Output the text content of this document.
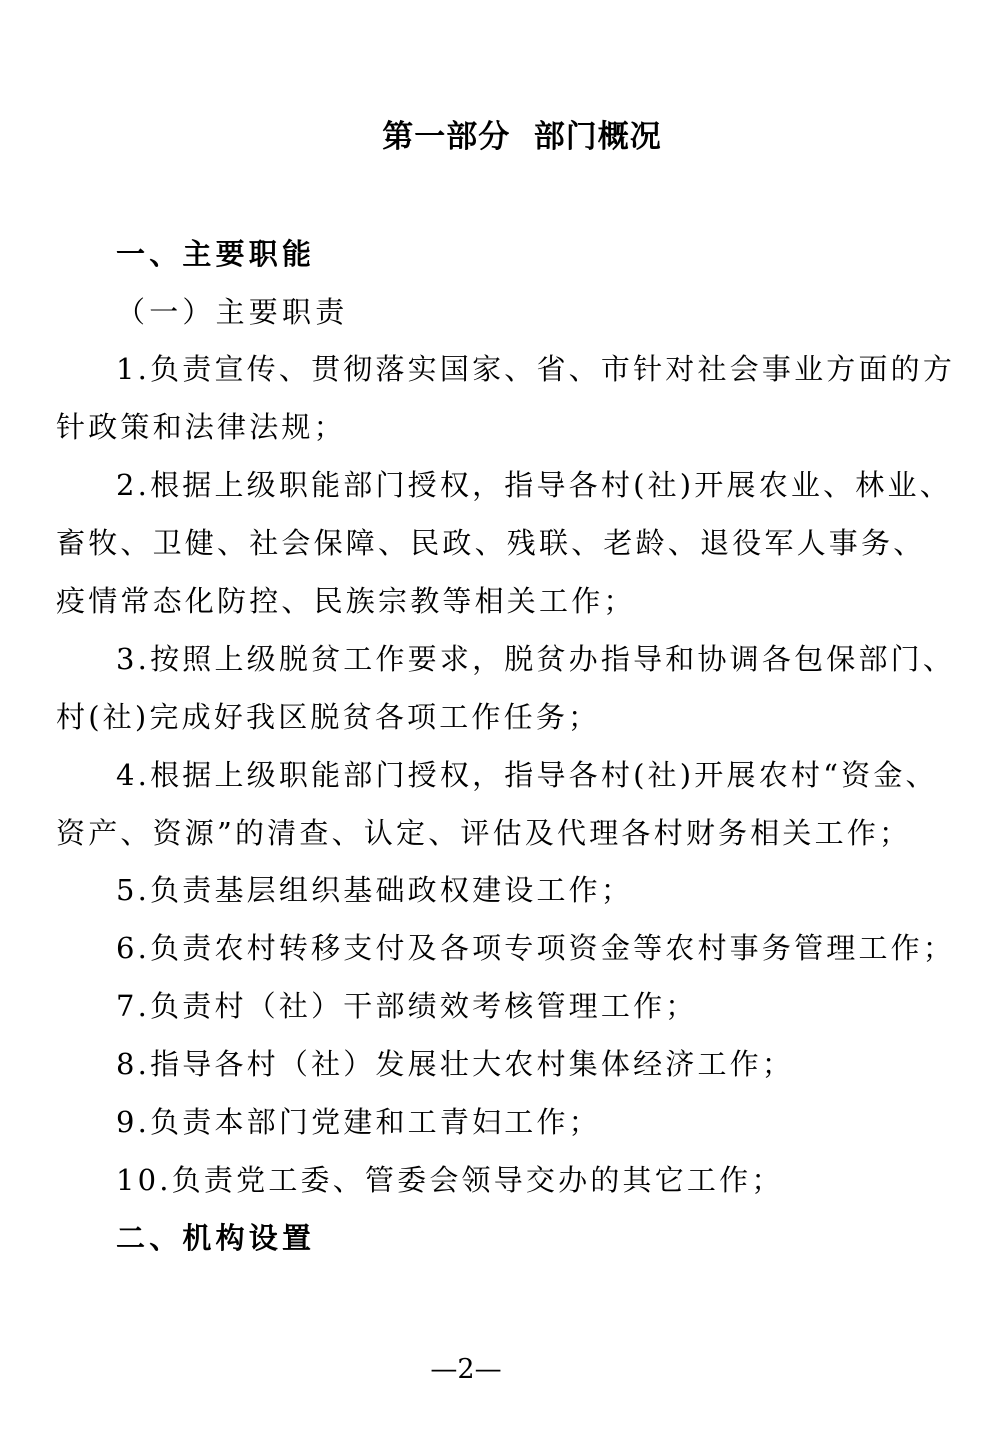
第一部分  部门概况
一、主要职能
（一）主要职责
1.负责宣传、贯彻落实国家、省、市针对社会事业方面的方
针政策和法律法规；
2.根据上级职能部门授权，指导各村(社)开展农业、林业、
畜牧、卫健、社会保障、民政、残联、老龄、退役军人事务、
疫情常态化防控、民族宗教等相关工作；
3.按照上级脱贫工作要求，脱贫办指导和协调各包保部门、
村(社)完成好我区脱贫各项工作任务；
4.根据上级职能部门授权，指导各村(社)开展农村“资金、
资产、资源”的清查、认定、评估及代理各村财务相关工作；
5.负责基层组织基础政权建设工作；
6.负责农村转移支付及各项专项资金等农村事务管理工作；
7.负责村（社）干部绩效考核管理工作；
8.指导各村（社）发展壮大农村集体经济工作；
9.负责本部门党建和工青妇工作；
10.负责党工委、管委会领导交办的其它工作；
二、机构设置
—2—
